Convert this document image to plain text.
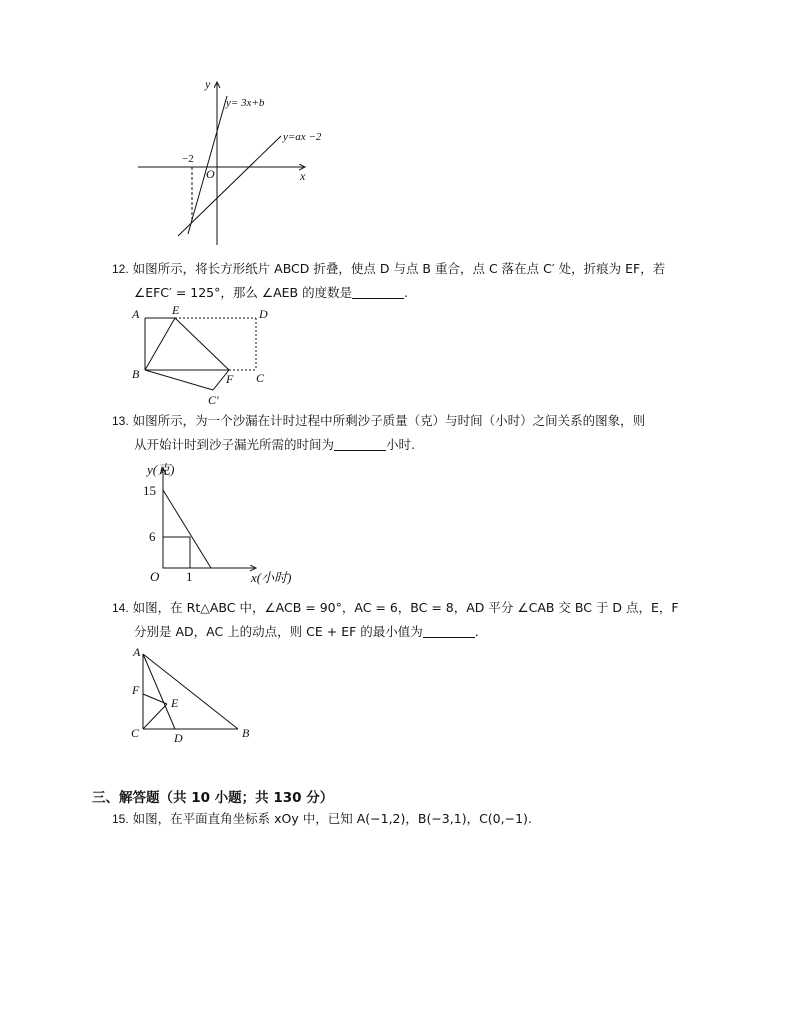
y
x
O
−2
y= 3x+b
y=ax −2
12. 如图所示，将长方形纸片 ABCD 折叠，使点 D 与点 B 重合，点 C 落在点 C′ 处，折痕为 EF，若
∠EFC′ = 125°，那么 ∠AEB 的度数是	.
A	E	D
B	F C
C′
13. 如图所示，为一个沙漏在计时过程中所剩沙子质量（克）与时间（小时）之间关系的图象，则
从开始计时到沙子漏光所需的时间为	小时.
y(克)
15
6
O 1	x(小时)
14. 如图，在 Rt△ABC 中，∠ACB = 90°，AC = 6，BC = 8，AD 平分 ∠CAB 交 BC 于 D 点，E，F
分别是 AD，AC 上的动点，则 CE + EF 的最小值为	.
A
F
E
C	D	B
三、解答题（共 10 小题；共 130 分）
15. 如图，在平面直角坐标系 xOy 中，已知 A(−1,2)，B(−3,1)，C(0,−1).
